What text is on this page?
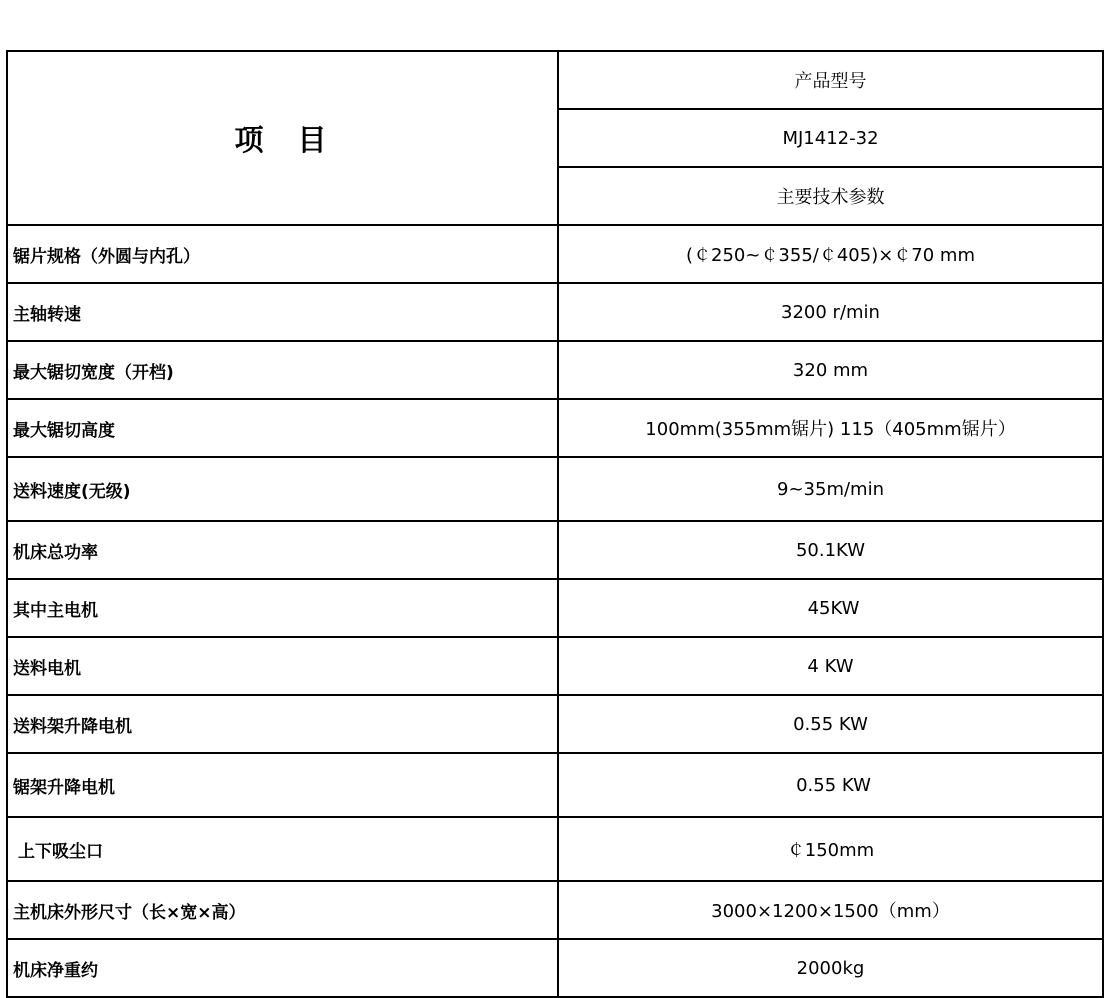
项 目	产品型号
	MJ1412-32
	主要技术参数
锯片规格（外圆与内孔）	(￠250~￠355/￠405)×￠70 mm
主轴转速	3200 r/min
最大锯切宽度（开档)	320 mm
最大锯切高度	100mm(355mm锯片) 115（405mm锯片）
送料速度(无级)	9~35m/min
机床总功率	50.1KW
其中主电机	45KW
送料电机	4 KW
送料架升降电机	0.55 KW
锯架升降电机	0.55 KW
上下吸尘口	￠150mm
主机床外形尺寸（长×宽×高）	3000×1200×1500（mm）
机床净重约	2000kg
